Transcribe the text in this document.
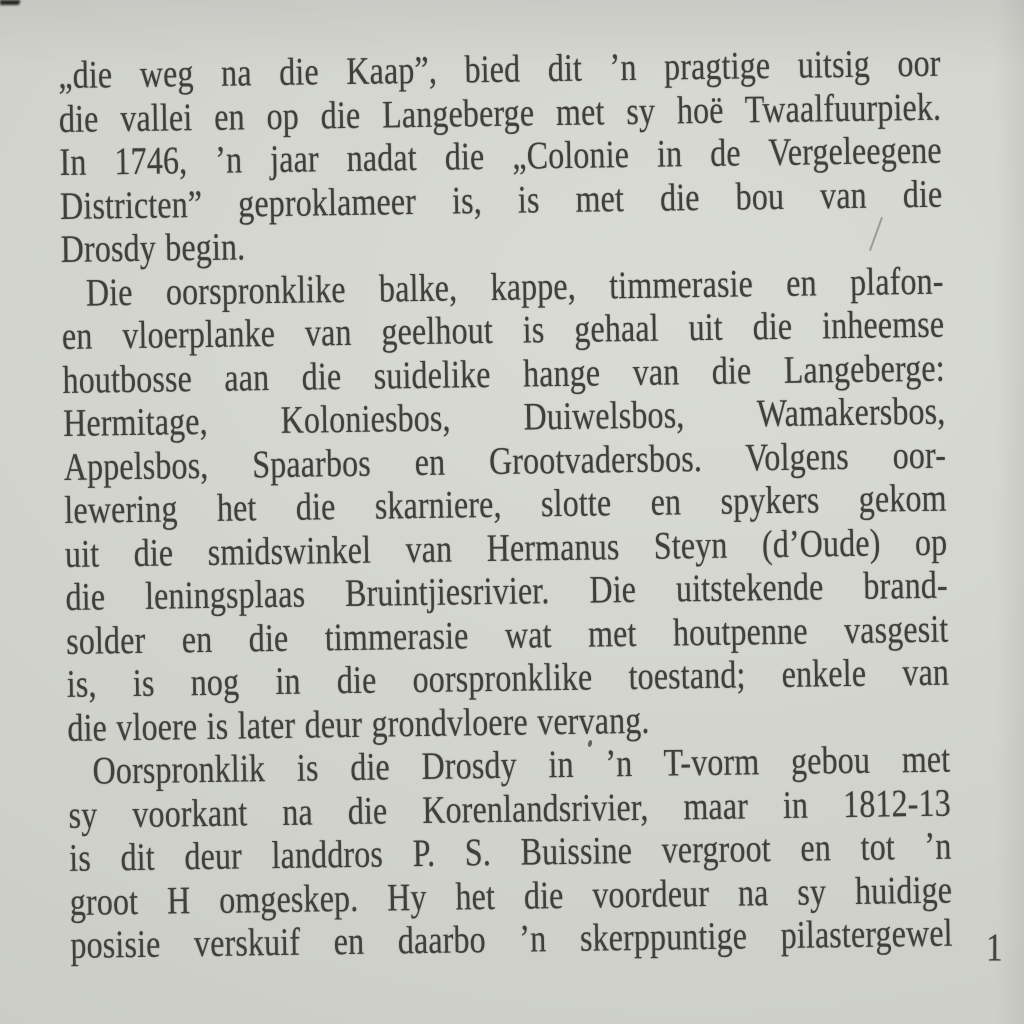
„die weg na die Kaap”, bied dit ’n pragtige uitsig oor
die vallei en op die Langeberge met sy hoë Twaalfuurpiek.
In 1746, ’n jaar nadat die „Colonie in de Vergeleegene
Districten” geproklameer is, is met die bou van die
Drosdy begin.
Die oorspronklike balke, kappe, timmerasie en plafon-
en vloerplanke van geelhout is gehaal uit die inheemse
houtbosse aan die suidelike hange van die Langeberge:
Hermitage, Koloniesbos, Duiwelsbos, Wamakersbos,
Appelsbos, Spaarbos en Grootvadersbos. Volgens oor-
lewering het die skarniere, slotte en spykers gekom
uit die smidswinkel van Hermanus Steyn (d’Oude) op
die leningsplaas Bruintjiesrivier. Die uitstekende brand-
solder en die timmerasie wat met houtpenne vasgesit
is, is nog in die oorspronklike toestand; enkele van
die vloere is later deur grondvloere vervang.
Oorspronklik is die Drosdy in ’n T-vorm gebou met
sy voorkant na die Korenlandsrivier, maar in 1812-13
is dit deur landdros P. S. Buissine vergroot en tot ’n
groot H omgeskep. Hy het die voordeur na sy huidige
posisie verskuif en daarbo ’n skerppuntige pilastergewel 1
